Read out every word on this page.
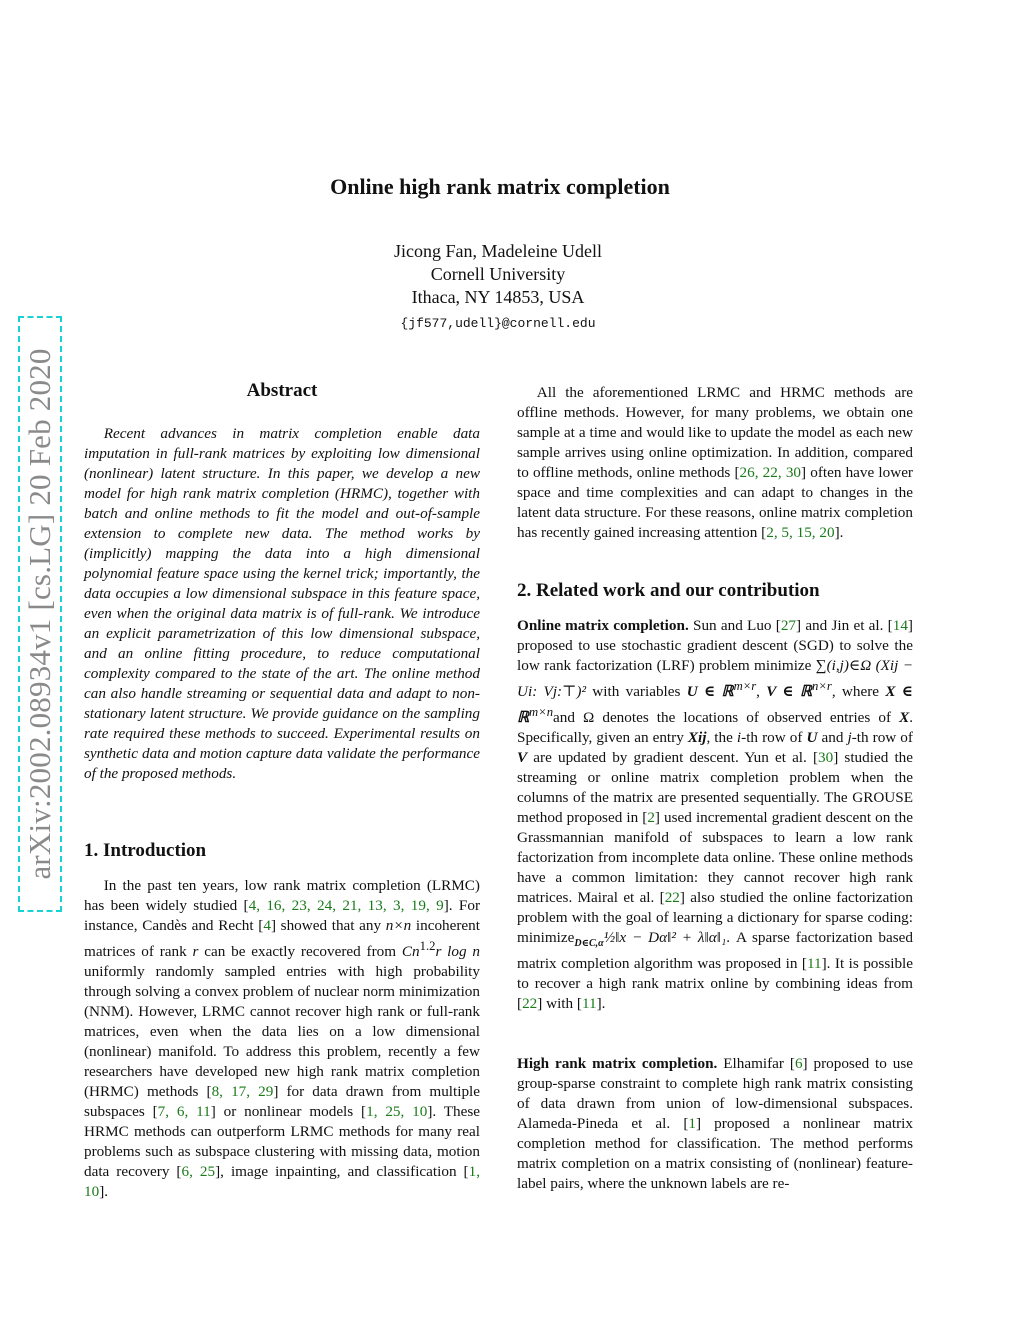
arXiv:2002.08934v1 [cs.LG] 20 Feb 2020
Online high rank matrix completion
Jicong Fan, Madeleine Udell
Cornell University
Ithaca, NY 14853, USA
{jf577,udell}@cornell.edu
Abstract
Recent advances in matrix completion enable data imputation in full-rank matrices by exploiting low dimensional (nonlinear) latent structure. In this paper, we develop a new model for high rank matrix completion (HRMC), together with batch and online methods to fit the model and out-of-sample extension to complete new data. The method works by (implicitly) mapping the data into a high dimensional polynomial feature space using the kernel trick; importantly, the data occupies a low dimensional subspace in this feature space, even when the original data matrix is of full-rank. We introduce an explicit parametrization of this low dimensional subspace, and an online fitting procedure, to reduce computational complexity compared to the state of the art. The online method can also handle streaming or sequential data and adapt to non-stationary latent structure. We provide guidance on the sampling rate required these methods to succeed. Experimental results on synthetic data and motion capture data validate the performance of the proposed methods.
1. Introduction
In the past ten years, low rank matrix completion (LRMC) has been widely studied [4, 16, 23, 24, 21, 13, 3, 19, 9]. For instance, Candès and Recht [4] showed that any n×n incoherent matrices of rank r can be exactly recovered from $Cn^{1.2}r$ log n uniformly randomly sampled entries with high probability through solving a convex problem of nuclear norm minimization (NNM). However, LRMC cannot recover high rank or full-rank matrices, even when the data lies on a low dimensional (nonlinear) manifold. To address this problem, recently a few researchers have developed new high rank matrix completion (HRMC) methods [8, 17, 29] for data drawn from multiple subspaces [7, 6, 11] or nonlinear models [1, 25, 10]. These HRMC methods can outperform LRMC methods for many real problems such as subspace clustering with missing data, motion data recovery [6, 25], image inpainting, and classification [1, 10].
All the aforementioned LRMC and HRMC methods are offline methods. However, for many problems, we obtain one sample at a time and would like to update the model as each new sample arrives using online optimization. In addition, compared to offline methods, online methods [26, 22, 30] often have lower space and time complexities and can adapt to changes in the latent data structure. For these reasons, online matrix completion has recently gained increasing attention [2, 5, 15, 20].
2. Related work and our contribution
Online matrix completion. Sun and Luo [27] and Jin et al. [14] proposed to use stochastic gradient descent (SGD) to solve the low rank factorization (LRF) problem minimize ∑(i,j)∈Ω (Xij − Ui: Vj:⊤)² with variables U ∈ ℝ$^{m\times r}$, V ∈ ℝ$^{n\times r}$, where X ∈ ℝ$^{m\times n}$and Ω denotes the locations of observed entries of X. Specifically, given an entry Xij, the i-th row of U and j-th row of V are updated by gradient descent. Yun et al. [30] studied the streaming or online matrix completion problem when the columns of the matrix are presented sequentially. The GROUSE method proposed in [2] used incremental gradient descent on the Grassmannian manifold of subspaces to learn a low rank factorization from incomplete data online. These online methods have a common limitation: they cannot recover high rank matrices. Mairal et al. [22] also studied the online factorization problem with the goal of learning a dictionary for sparse coding: minimize$_{D\in C,\alpha}$½‖x − Dα‖² + λ‖α‖₁. A sparse factorization based matrix completion algorithm was proposed in [11]. It is possible to recover a high rank matrix online by combining ideas from [22] with [11].
High rank matrix completion. Elhamifar [6] proposed to use group-sparse constraint to complete high rank matrix consisting of data drawn from union of low-dimensional subspaces. Alameda-Pineda et al. [1] proposed a nonlinear matrix completion method for classification. The method performs matrix completion on a matrix consisting of (nonlinear) feature-label pairs, where the unknown labels are re-
